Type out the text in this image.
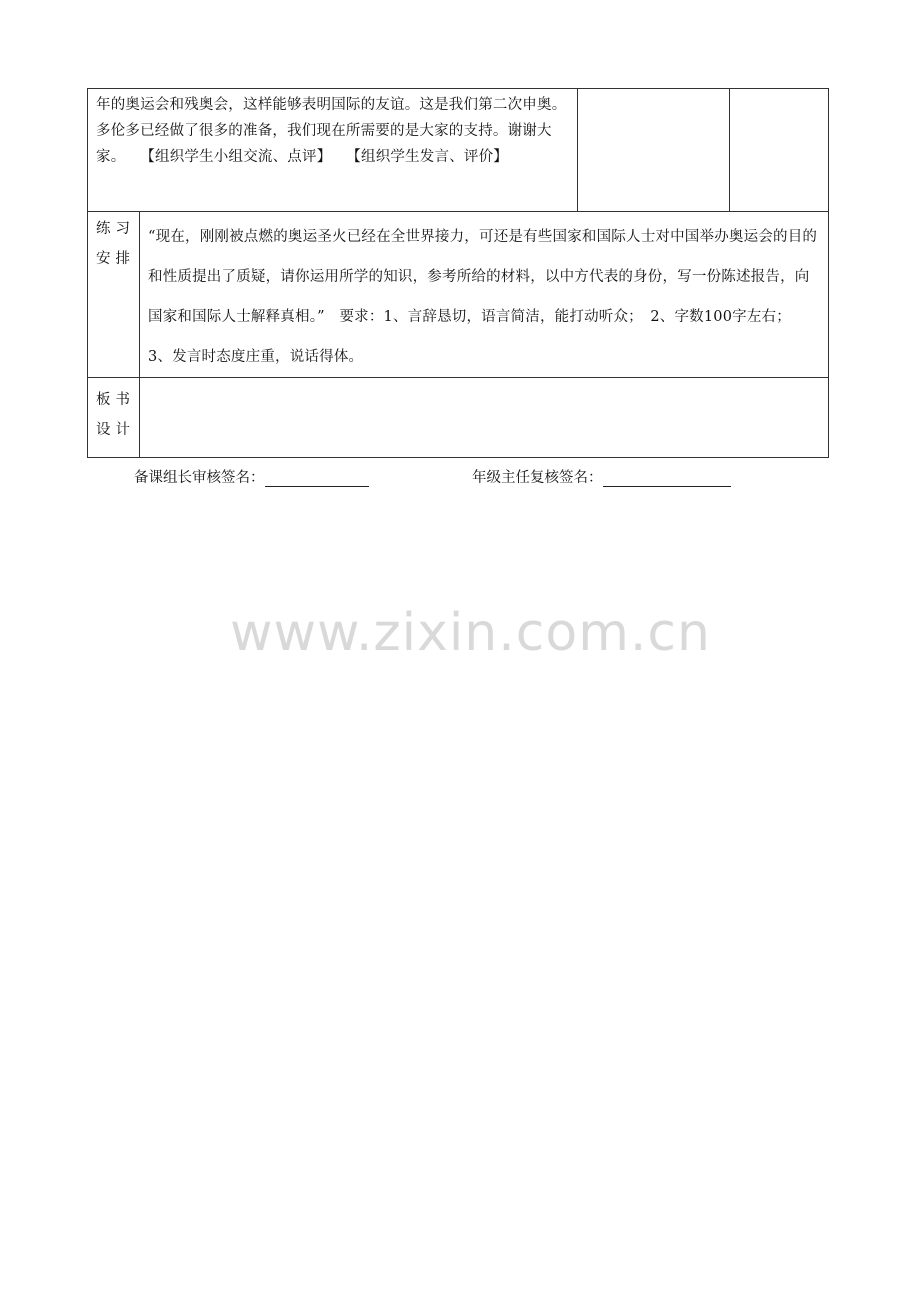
年的奥运会和残奥会，这样能够表明国际的友谊。这是我们第二次申奥。多伦多已经做了很多的准备，我们现在所需要的是大家的支持。谢谢大家。　　【组织学生小组交流、点评】　　【组织学生发言、评价】			

练习
安排	“现在，刚刚被点燃的奥运圣火已经在全世界接力，可还是有些国家和国际人士对中国举办奥运会的目的和性质提出了质疑，请你运用所学的知识，参考所给的材料，以中方代表的身份，写一份陈述报告，向国家和国际人士解释真相。”　要求：1、言辞恳切，语言简洁，能打动听众；　2、字数100字左右；　3、发言时态度庄重，说话得体。		

板书
设计			

备课组长审核签名：	年级主任复核签名：
www.zixin.com.cn
